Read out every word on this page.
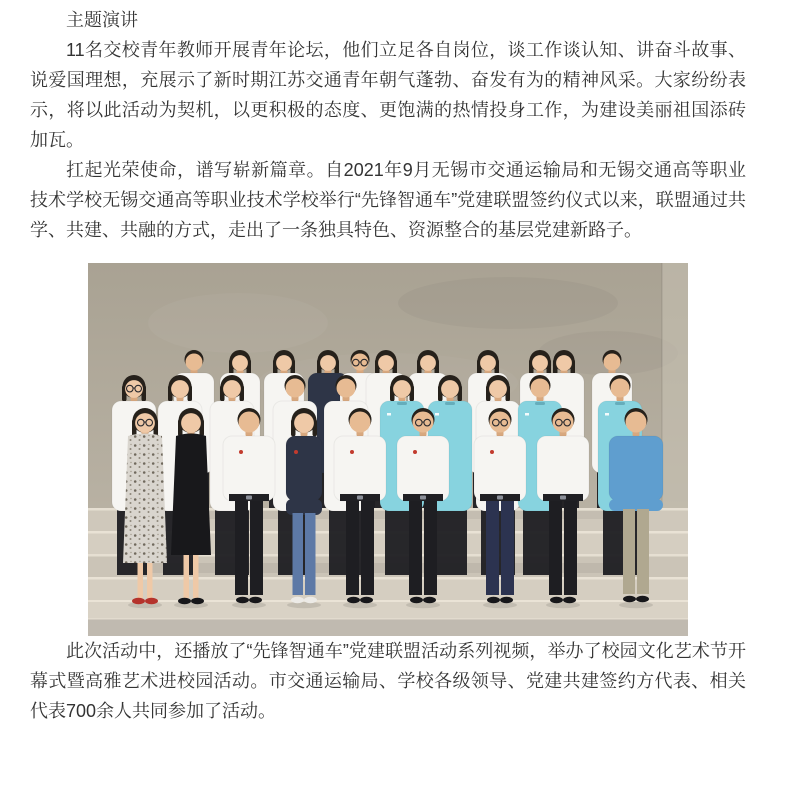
主题演讲

11名交校青年教师开展青年论坛，他们立足各自岗位，谈工作谈认知、讲奋斗故事、说爱国理想，充展示了新时期江苏交通青年朝气蓬勃、奋发有为的精神风采。大家纷纷表示，将以此活动为契机，以更积极的态度、更饱满的热情投身工作，为建设美丽祖国添砖加瓦。

扛起光荣使命，谱写崭新篇章。自2021年9月无锡市交通运输局和无锡交通高等职业技术学校无锡交通高等职业技术学校举行“先锋智通车”党建联盟签约仪式以来，联盟通过共学、共建、共融的方式，走出了一条独具特色、资源整合的基层党建新路子。

此次活动中，还播放了“先锋智通车”党建联盟活动系列视频，举办了校园文化艺术节开幕式暨高雅艺术进校园活动。市交通运输局、学校各级领导、党建共建签约方代表、相关代表700余人共同参加了活动。
